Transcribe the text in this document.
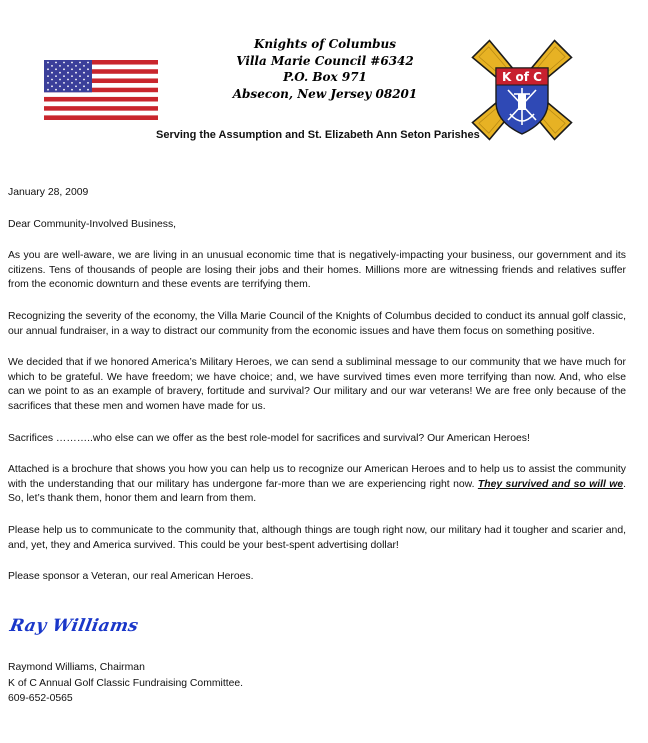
Knights of Columbus
Villa Marie Council #6342
P.O. Box 971
Absecon, New Jersey 08201
K of C
Serving the Assumption and St. Elizabeth Ann Seton Parishes

January 28, 2009

Dear Community-Involved Business,

As you are well-aware, we are living in an unusual economic time that is negatively-impacting your business, our government and its citizens. Tens of thousands of people are losing their jobs and their homes. Millions more are witnessing friends and relatives suffer from the economic downturn and these events are terrifying them.

Recognizing the severity of the economy, the Villa Marie Council of the Knights of Columbus decided to conduct its annual golf classic, our annual fundraiser, in a way to distract our community from the economic issues and have them focus on something positive.

We decided that if we honored America’s Military Heroes, we can send a subliminal message to our community that we have much for which to be grateful. We have freedom; we have choice; and, we have survived times even more terrifying than now. And, who else can we point to as an example of bravery, fortitude and survival? Our military and our war veterans! We are free only because of the sacrifices that these men and women have made for us.

Sacrifices ………..who else can we offer as the best role-model for sacrifices and survival? Our American Heroes!

Attached is a brochure that shows you how you can help us to recognize our American Heroes and to help us to assist the community with the understanding that our military has undergone far-more than we are experiencing right now. They survived and so will we. So, let’s thank them, honor them and learn from them.

Please help us to communicate to the community that, although things are tough right now, our military had it tougher and scarier and, and, yet, they and America survived. This could be your best-spent advertising dollar!

Please sponsor a Veteran, our real American Heroes.

Ray Williams
Raymond Williams, Chairman
K of C Annual Golf Classic Fundraising Committee.
609-652-0565
